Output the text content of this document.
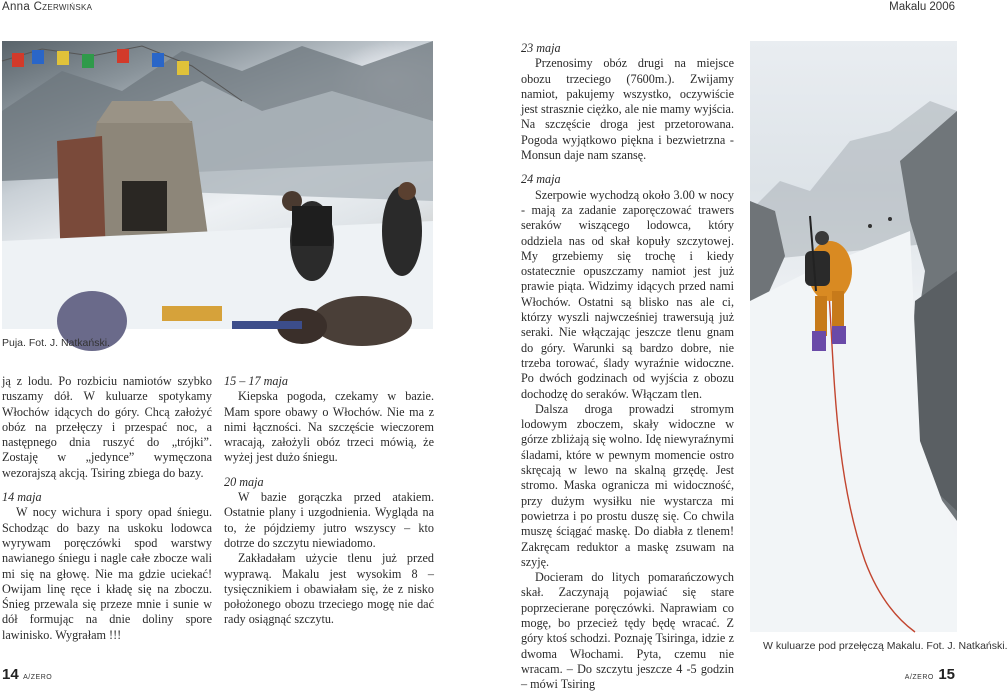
Anna Czerwińska	Makalu 2006
Puja. Fot. J. Natkański.

ją z lodu. Po rozbiciu namiotów szybko ruszamy dół. W kuluarze spotykamy Włochów idących do góry. Chcą założyć obóz na przełęczy i przespać noc, a następnego dnia ruszyć do „trójki”. Zostaję w „jedynce” wymęczona wezorajszą akcją. Tsiring zbiega do bazy.

14 maja

W nocy wichura i spory opad śniegu. Schodząc do bazy na uskoku lodowca wyrywam poręczówki spod warstwy nawianego śniegu i nagle całe zbocze wali mi się na głowę. Nie ma gdzie uciekać! Owijam linę ręce i kładę się na zboczu. Śnieg przewala się przeze mnie i sunie w dół formując na dnie doliny spore lawinisko. Wygrałam !!!

15 – 17 maja

Kiepska pogoda, czekamy w bazie. Mam spore obawy o Włochów. Nie ma z nimi łączności. Na szczęście wieczorem wracają, założyli obóz trzeci mówią, że wyżej jest dużo śniegu.

20 maja

W bazie gorączka przed atakiem. Ostatnie plany i uzgodnienia. Wygląda na to, że pójdziemy jutro wszyscy – kto dotrze do szczytu niewiadomo.

Zakładałam użycie tlenu już przed wyprawą. Makalu jest wysokim 8 – tysięcznikiem i obawiałam się, że z nisko położonego obozu trzeciego mogę nie dać rady osiągnąć szczytu.

23 maja

Przenosimy obóz drugi na miejsce obozu trzeciego (7600m.). Zwijamy namiot, pakujemy wszystko, oczywiście jest strasznie ciężko, ale nie mamy wyjścia. Na szczęście droga jest przetorowana. Pogoda wyjątkowo piękna i bezwietrzna - Monsun daje nam szansę.

24 maja

Szerpowie wychodzą około 3.00 w nocy - mają za zadanie zaporęczować trawers seraków wiszącego lodowca, który oddziela nas od skał kopuły szczytowej. My grzebiemy się trochę i kiedy ostatecznie opuszczamy namiot jest już prawie piąta. Widzimy idących przed nami Włochów. Ostatni są blisko nas ale ci, którzy wyszli najwcześniej trawersują już seraki. Nie włączając jeszcze tlenu gnam do góry. Warunki są bardzo dobre, nie trzeba torować, ślady wyraźnie widoczne. Po dwóch godzinach od wyjścia z obozu dochodzę do seraków. Włączam tlen.

Dalsza droga prowadzi stromym lodowym zboczem, skały widoczne w górze zbliżają się wolno. Idę niewyraźnymi śladami, które w pewnym momencie ostro skręcają w lewo na skalną grzędę. Jest stromo. Maska ogranicza mi widoczność, przy dużym wysiłku nie wystarcza mi powietrza i po prostu duszę się. Co chwila muszę ściągać maskę. Do diabła z tlenem! Zakręcam reduktor a maskę zsuwam na szyję.

Docieram do litych pomarańczowych skał. Zaczynają pojawiać się stare poprzecierane poręczówki. Naprawiam co mogę, bo przecież tędy będę wracać. Z góry ktoś schodzi. Poznaję Tsiringa, idzie z dwoma Włochami. Pyta, czemu nie wracam. – Do szczytu jeszcze 4 -5 godzin – mówi Tsiring

W kuluarze pod przełęczą Makalu. Fot. J. Natkański.
14 A/ZERO	A/ZERO 15
